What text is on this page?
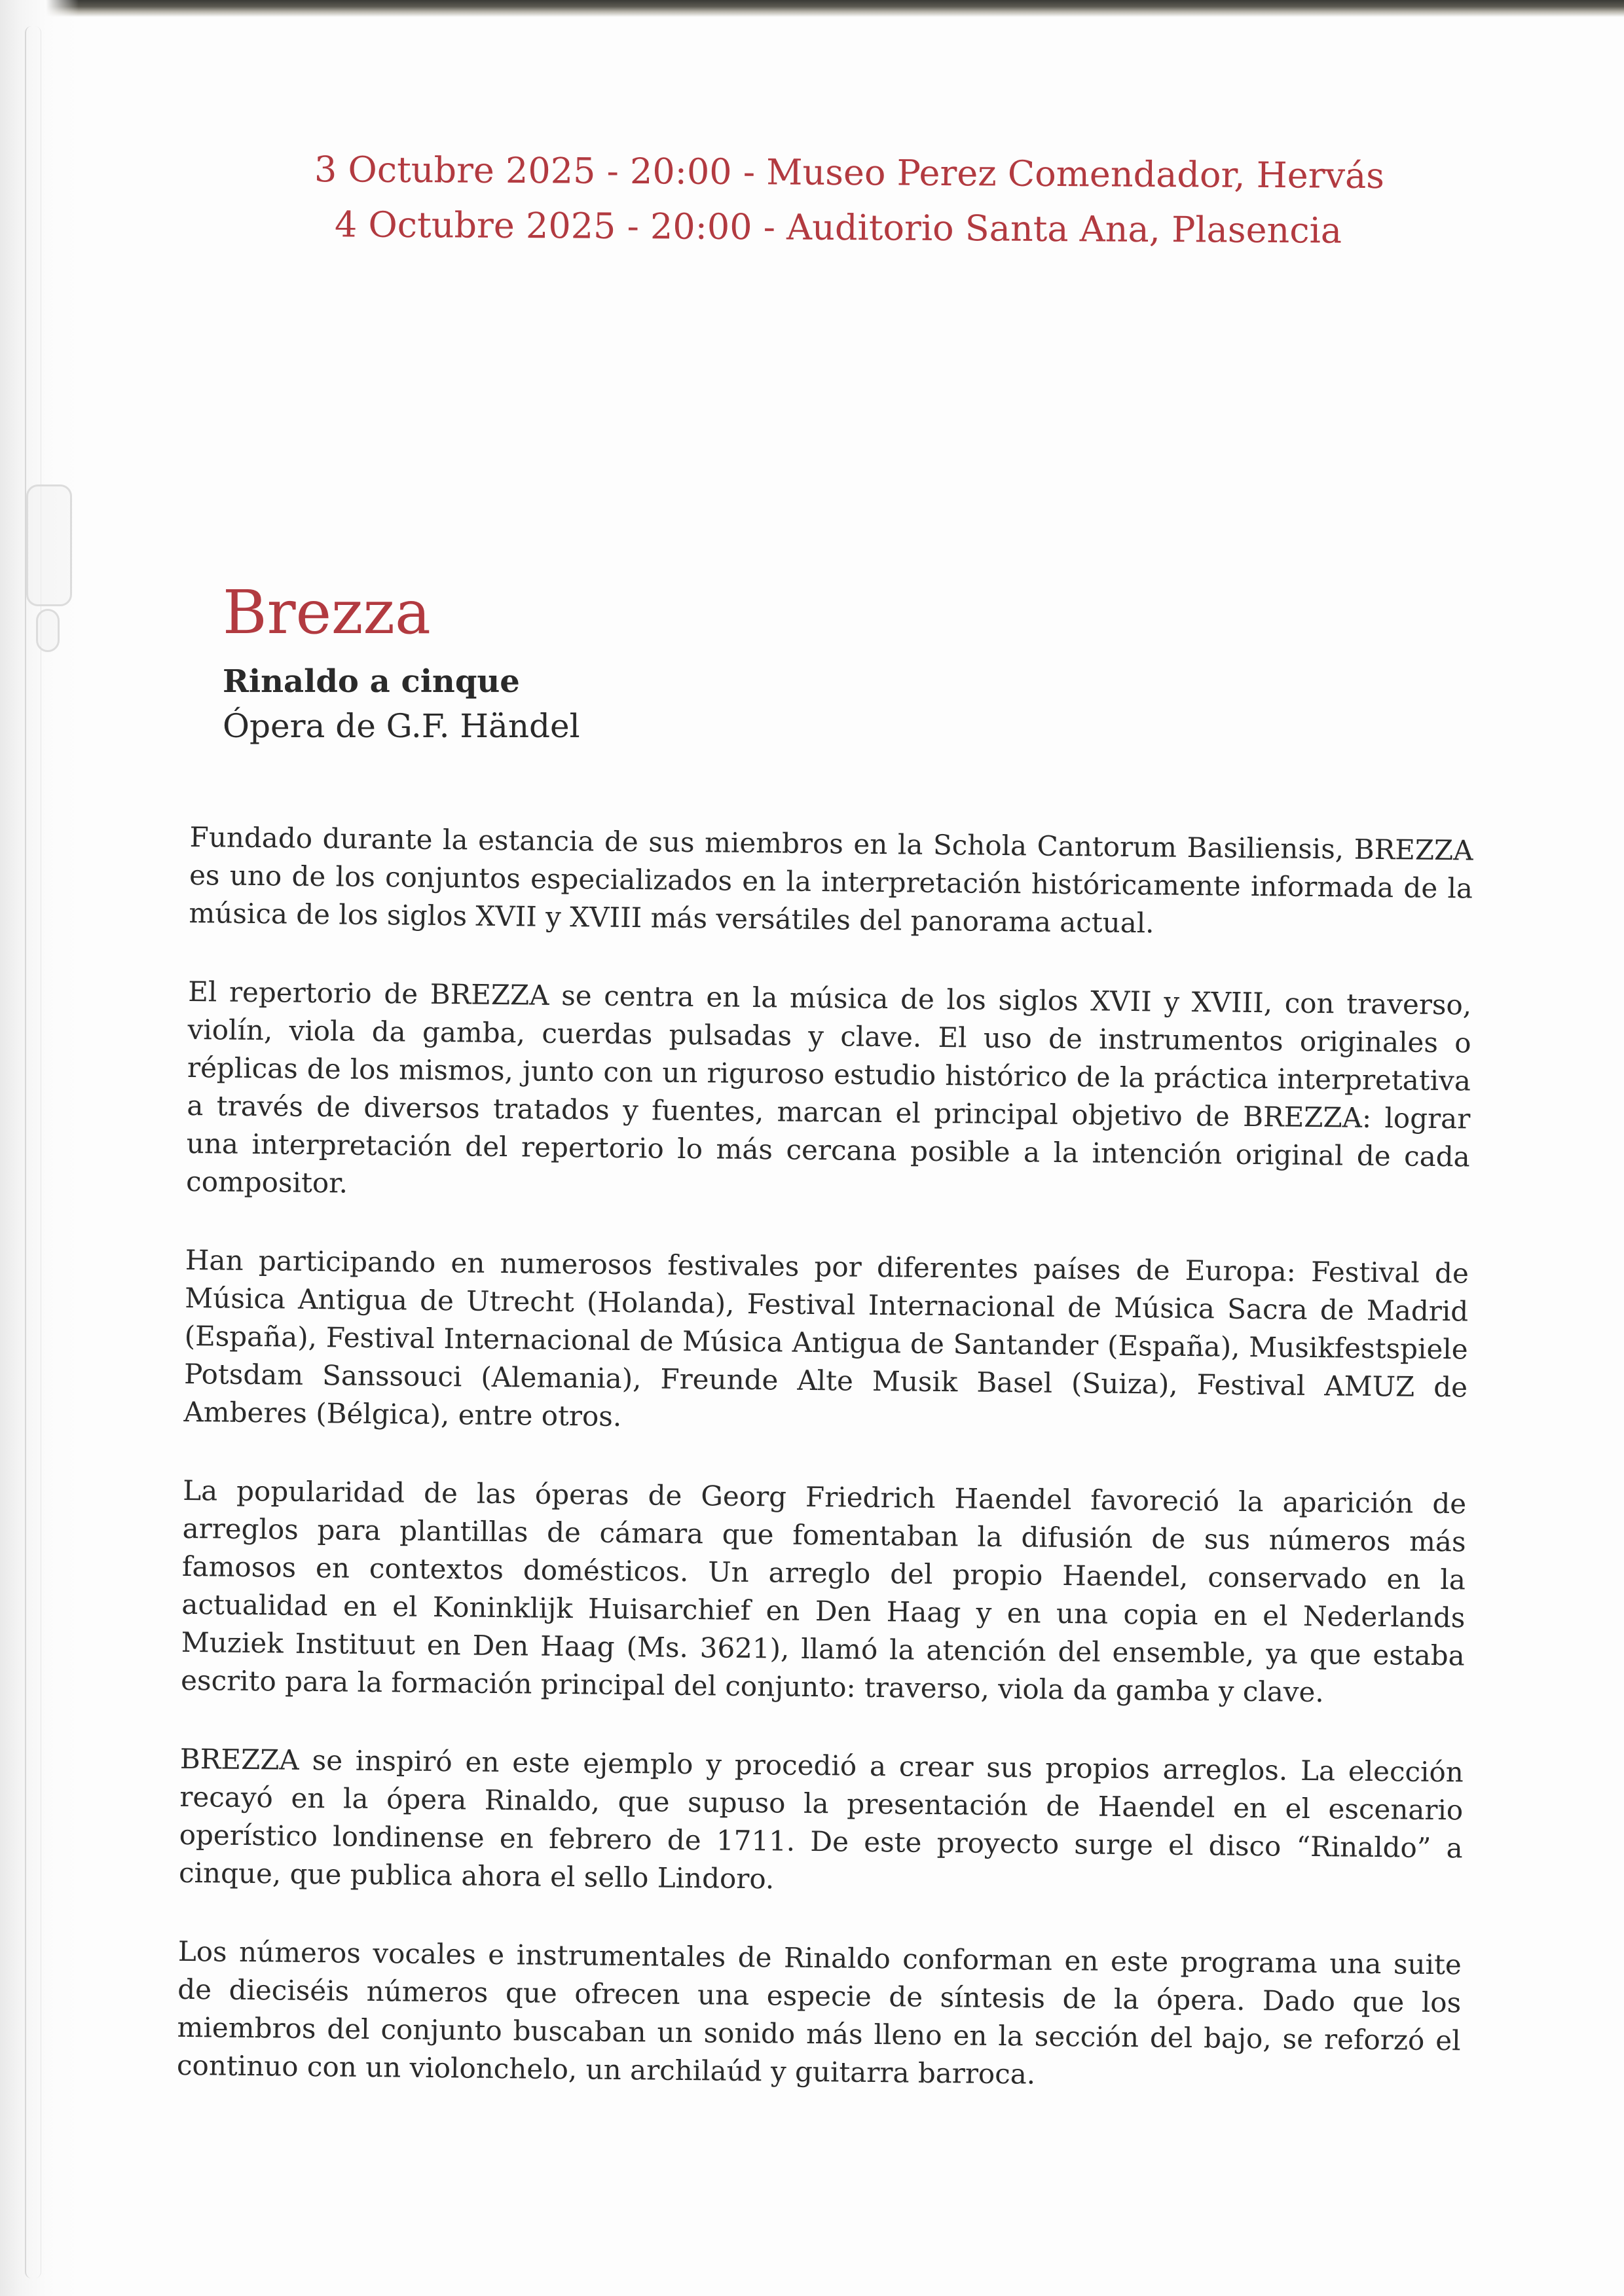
3 Octubre 2025 - 20:00 - Museo Perez Comendador, Hervás
4 Octubre 2025 - 20:00 - Auditorio Santa Ana, Plasencia
Brezza

Rinaldo a cinque

Ópera de G.F. Händel

Fundado durante la estancia de sus miembros en la Schola Cantorum Basiliensis, BREZZA es uno de los conjuntos especializados en la interpretación históricamente informada de la música de los siglos XVII y XVIII más versátiles del panorama actual.

El repertorio de BREZZA se centra en la música de los siglos XVII y XVIII, con traverso, violín, viola da gamba, cuerdas pulsadas y clave. El uso de instrumentos originales o réplicas de los mismos, junto con un riguroso estudio histórico de la práctica interpretativa a través de diversos tratados y fuentes, marcan el principal objetivo de BREZZA: lograr una interpretación del repertorio lo más cercana posible a la intención original de cada compositor.

Han participando en numerosos festivales por diferentes países de Europa: Festival de Música Antigua de Utrecht (Holanda), Festival Internacional de Música Sacra de Madrid (España), Festival Internacional de Música Antigua de Santander (España), Musikfestspiele Potsdam Sanssouci (Alemania), Freunde Alte Musik Basel (Suiza), Festival AMUZ de Amberes (Bélgica), entre otros.

La popularidad de las óperas de Georg Friedrich Haendel favoreció la aparición de arreglos para plantillas de cámara que fomentaban la difusión de sus números más famosos en contextos domésticos. Un arreglo del propio Haendel, conservado en la actualidad en el Koninklijk Huisarchief en Den Haag y en una copia en el Nederlands Muziek Instituut en Den Haag (Ms. 3621), llamó la atención del ensemble, ya que estaba escrito para la formación principal del conjunto: traverso, viola da gamba y clave.

BREZZA se inspiró en este ejemplo y procedió a crear sus propios arreglos. La elección recayó en la ópera Rinaldo, que supuso la presentación de Haendel en el escenario operístico londinense en febrero de 1711. De este proyecto surge el disco “Rinaldo” a cinque, que publica ahora el sello Lindoro.

Los números vocales e instrumentales de Rinaldo conforman en este programa una suite de dieciséis números que ofrecen una especie de síntesis de la ópera. Dado que los miembros del conjunto buscaban un sonido más lleno en la sección del bajo, se reforzó el continuo con un violonchelo, un archilaúd y guitarra barroca.
